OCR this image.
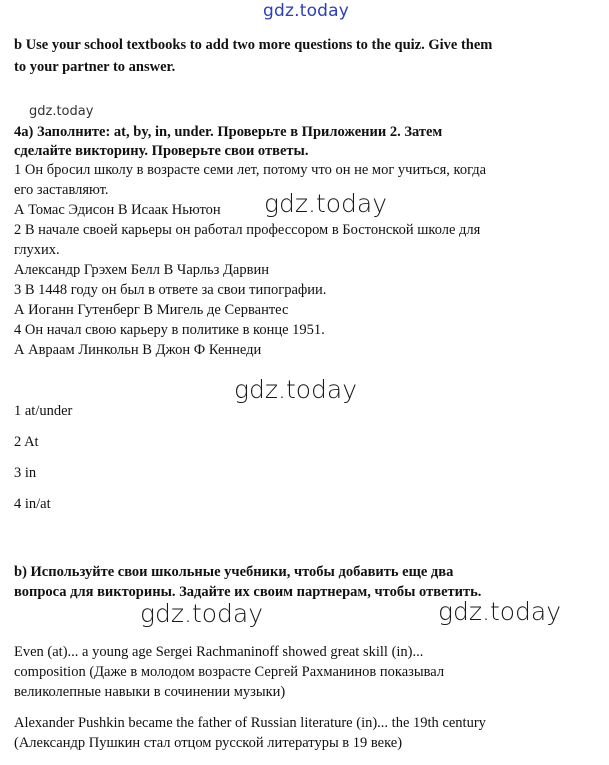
gdz.today
gdz.today
gdz.today
gdz.today
gdz.today	gdz.today
b Use your school textbooks to add two more questions to the quiz. Give them
to your partner to answer.
4а) Заполните: at, by, in, under. Проверьте в Приложении 2. Затем
сделайте викторину. Проверьте свои ответы.
1 Он бросил школу в возрасте семи лет, потому что он не мог учиться, когда
его заставляют.
А Томас Эдисон В Исаак Ньютон
2 В начале своей карьеры он работал профессором в Бостонской школе для
глухих.
Александр Грэхем Белл В Чарльз Дарвин
3 В 1448 году он был в ответе за свои типографии.
А Иоганн Гутенберг В Мигель де Сервантес
4 Он начал свою карьеру в политике в конце 1951.
А Авраам Линкольн В Джон Ф Кеннеди
1 at/under
2 At
3 in
4 in/at
b) Используйте свои школьные учебники, чтобы добавить еще два
вопроса для викторины. Задайте их своим партнерам, чтобы ответить.
Even (at)... a young age Sergei Rachmaninoff showed great skill (in)...
composition (Даже в молодом возрасте Сергей Рахманинов показывал
великолепные навыки в сочинении музыки)
Alexander Pushkin became the father of Russian literature (in)... the 19th century
(Александр Пушкин стал отцом русской литературы в 19 веке)
